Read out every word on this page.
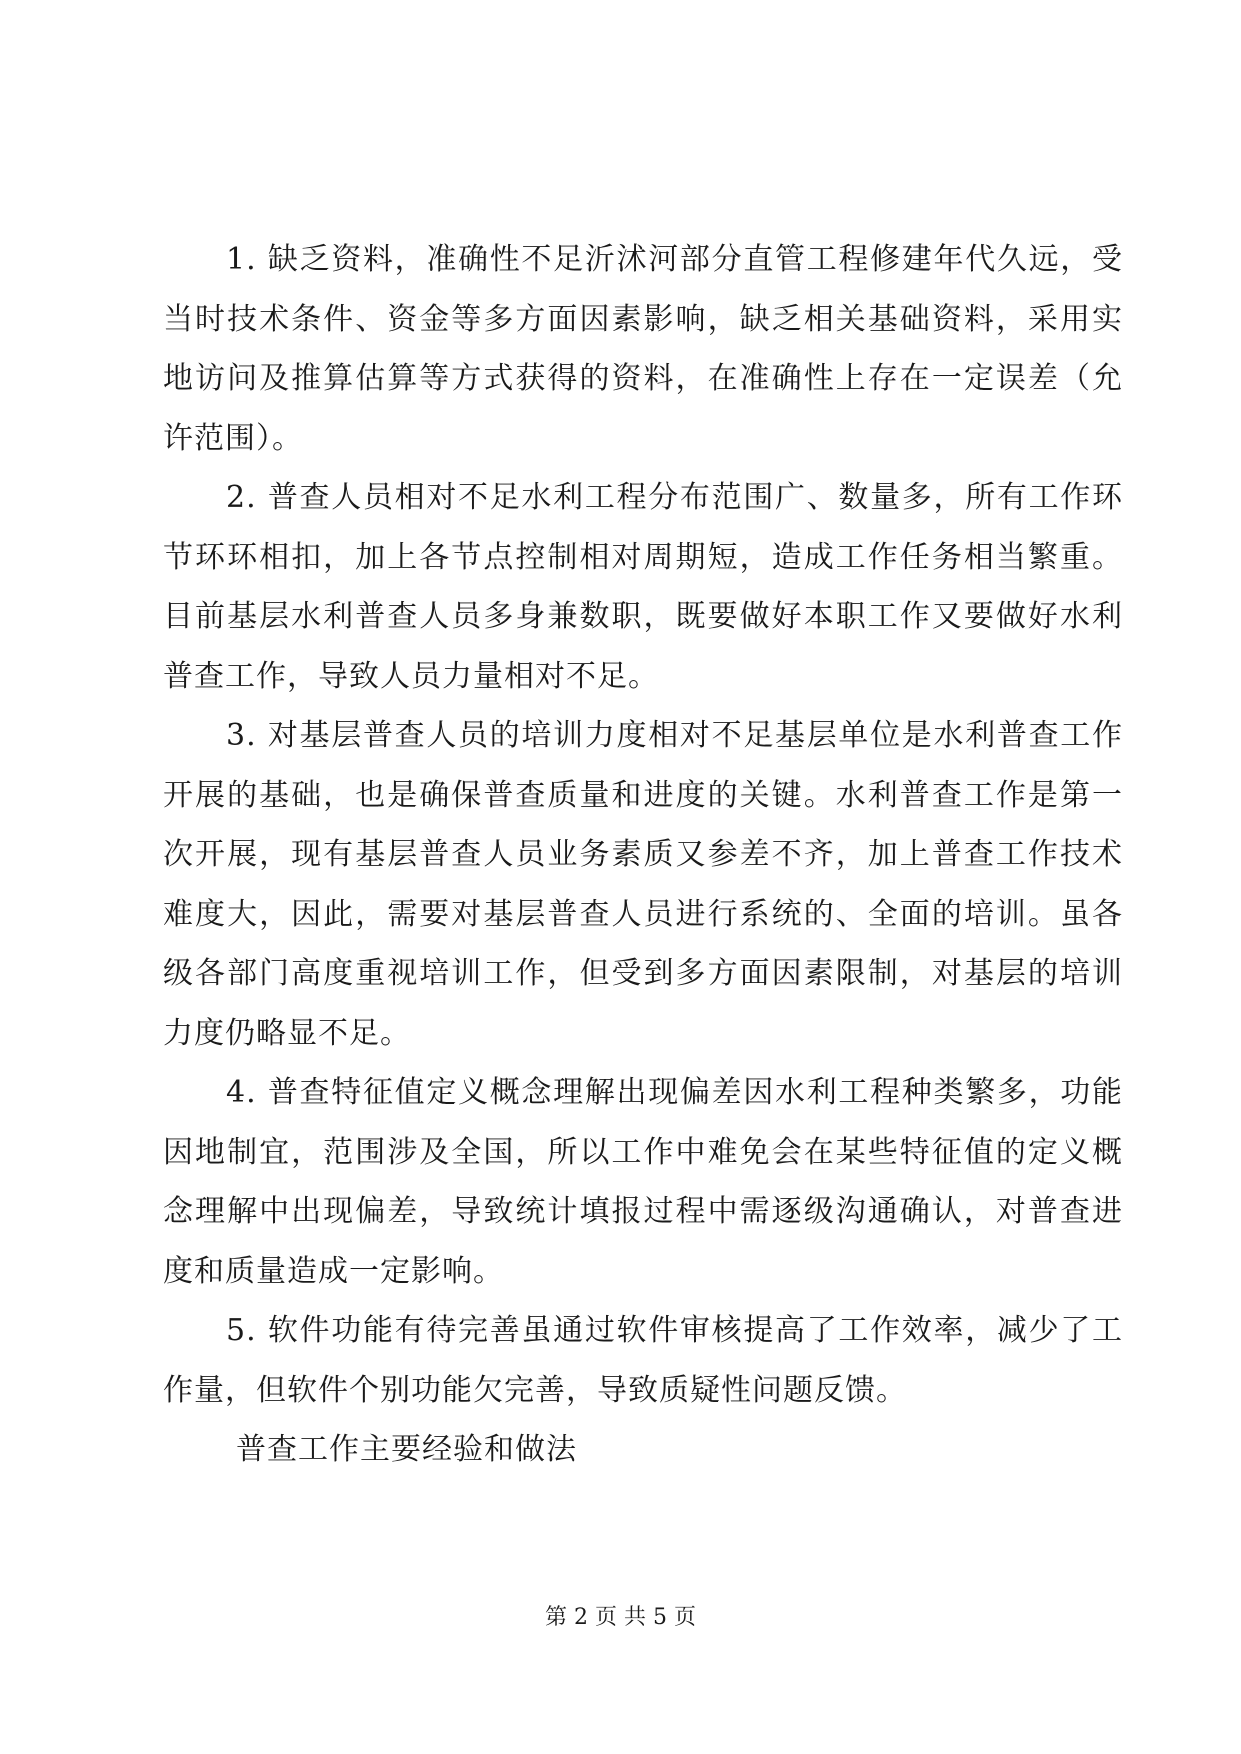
1. 缺乏资料，准确性不足沂沭河部分直管工程修建年代久远，受当时技术条件、资金等多方面因素影响，缺乏相关基础资料，采用实地访问及推算估算等方式获得的资料，在准确性上存在一定误差（允许范围）。

2. 普查人员相对不足水利工程分布范围广、数量多，所有工作环节环环相扣，加上各节点控制相对周期短，造成工作任务相当繁重。目前基层水利普查人员多身兼数职，既要做好本职工作又要做好水利普查工作，导致人员力量相对不足。

3. 对基层普查人员的培训力度相对不足基层单位是水利普查工作开展的基础，也是确保普查质量和进度的关键。水利普查工作是第一次开展，现有基层普查人员业务素质又参差不齐，加上普查工作技术难度大，因此，需要对基层普查人员进行系统的、全面的培训。虽各级各部门高度重视培训工作，但受到多方面因素限制，对基层的培训力度仍略显不足。

4. 普查特征值定义概念理解出现偏差因水利工程种类繁多，功能因地制宜，范围涉及全国，所以工作中难免会在某些特征值的定义概念理解中出现偏差，导致统计填报过程中需逐级沟通确认，对普查进度和质量造成一定影响。

5. 软件功能有待完善虽通过软件审核提高了工作效率，减少了工作量，但软件个别功能欠完善，导致质疑性问题反馈。

普查工作主要经验和做法

第 2 页 共 5 页
